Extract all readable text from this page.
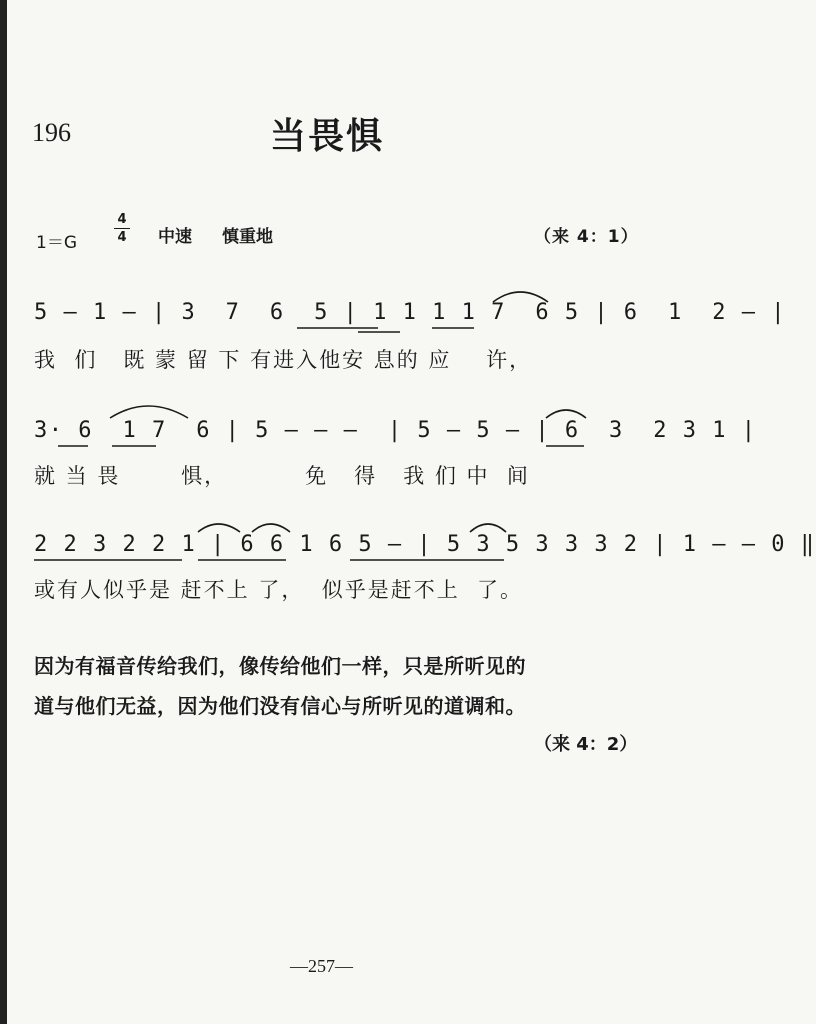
196	当畏惧
1＝G
4
4 中速 慎重地	（来 4：1）
5 – 1 – | 3  7  6  5 | 1 1 1 1 7  6 5 | 6  1  2 – |
我  们   既 蒙 留 下 有进入他安 息的 应    许，
3· 6  1 7  6 | 5 – – –  | 5 – 5 – | 6  3  2 3 1 |
就 当 畏       惧，         免   得   我 们 中  间
2 2 3 2 2 1 | 6 6 1 6 5 – | 5 3 5 3 3 3 2 | 1 – – 0 ‖
或有人似乎是 赶不上 了，  似乎是赶不上  了。
因为有福音传给我们，像传给他们一样，只是所听见的
道与他们无益，因为他们没有信心与所听见的道调和。
（来 4：2）
—257—
